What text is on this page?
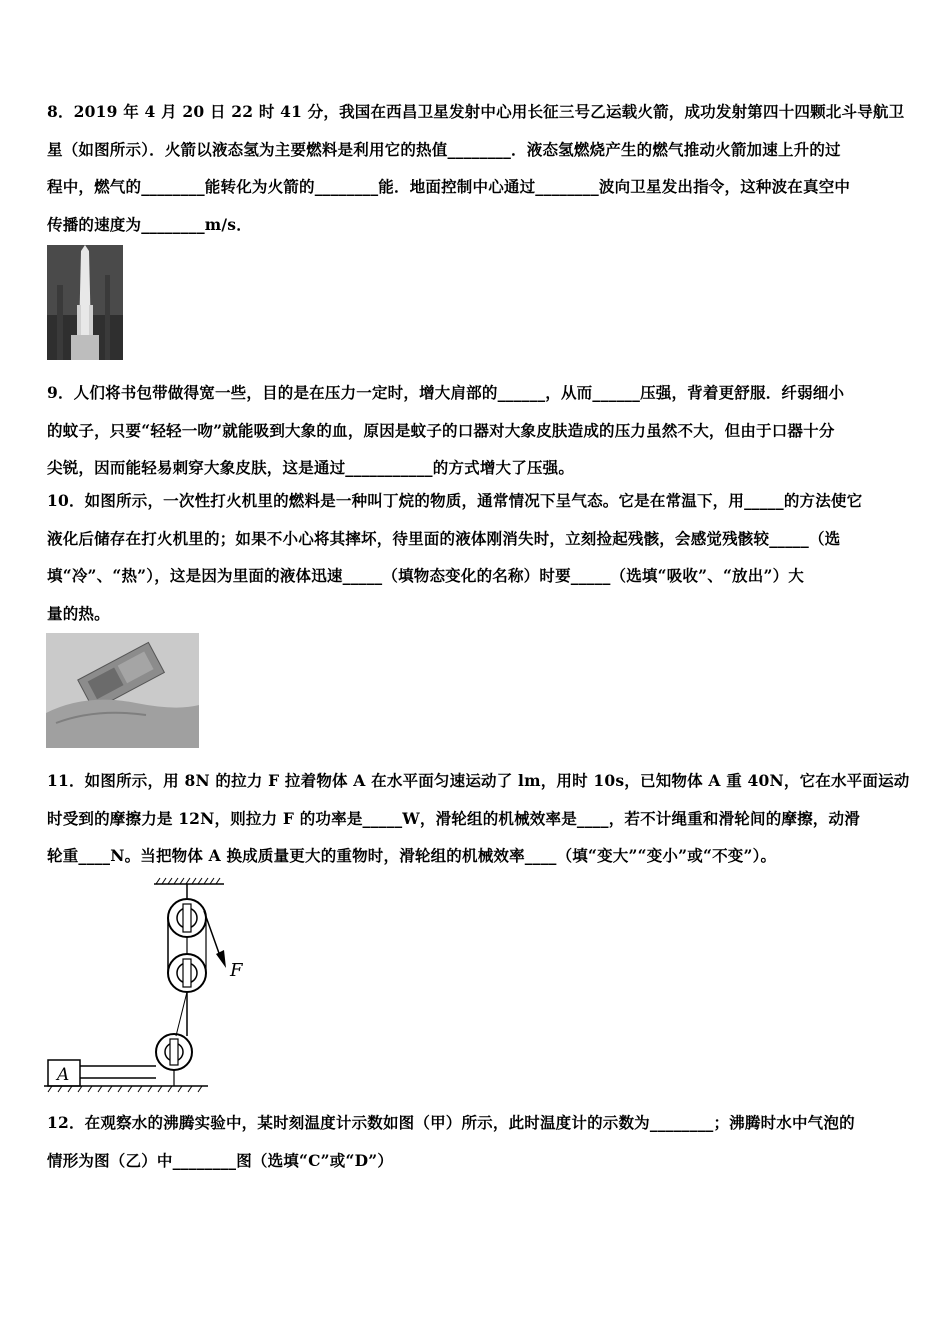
8．2019 年 4 月 20 日 22 时 41 分，我国在西昌卫星发射中心用长征三号乙运载火箭，成功发射第四十四颗北斗导航卫

星（如图所示）．火箭以液态氢为主要燃料是利用它的热值________．液态氢燃烧产生的燃气推动火箭加速上升的过

程中，燃气的________能转化为火箭的________能．地面控制中心通过________波向卫星发出指令，这种波在真空中

传播的速度为________m/s．

9．人们将书包带做得宽一些，目的是在压力一定时，增大肩部的______，从而______压强，背着更舒服．纤弱细小

的蚊子，只要“轻轻一吻”就能吸到大象的血，原因是蚊子的口器对大象皮肤造成的压力虽然不大，但由于口器十分

尖锐，因而能轻易刺穿大象皮肤，这是通过___________的方式增大了压强。

10．如图所示，一次性打火机里的燃料是一种叫丁烷的物质，通常情况下呈气态。它是在常温下，用_____的方法使它

液化后储存在打火机里的；如果不小心将其摔坏，待里面的液体刚消失时，立刻捡起残骸，会感觉残骸较_____（选

填“冷”、“热”），这是因为里面的液体迅速_____（填物态变化的名称）时要_____（选填“吸收”、“放出”）大

量的热。

11．如图所示，用 8N 的拉力 F 拉着物体 A 在水平面匀速运动了 lm，用时 10s，已知物体 A 重 40N，它在水平面运动

时受到的摩擦力是 12N，则拉力 F 的功率是_____W，滑轮组的机械效率是____，若不计绳重和滑轮间的摩擦，动滑

轮重____N。当把物体 A 换成质量更大的重物时，滑轮组的机械效率____（填“变大”“变小”或“不变”）。

F
A

12．在观察水的沸腾实验中，某时刻温度计示数如图（甲）所示，此时温度计的示数为________；沸腾时水中气泡的

情形为图（乙）中________图（选填“C”或“D”）
